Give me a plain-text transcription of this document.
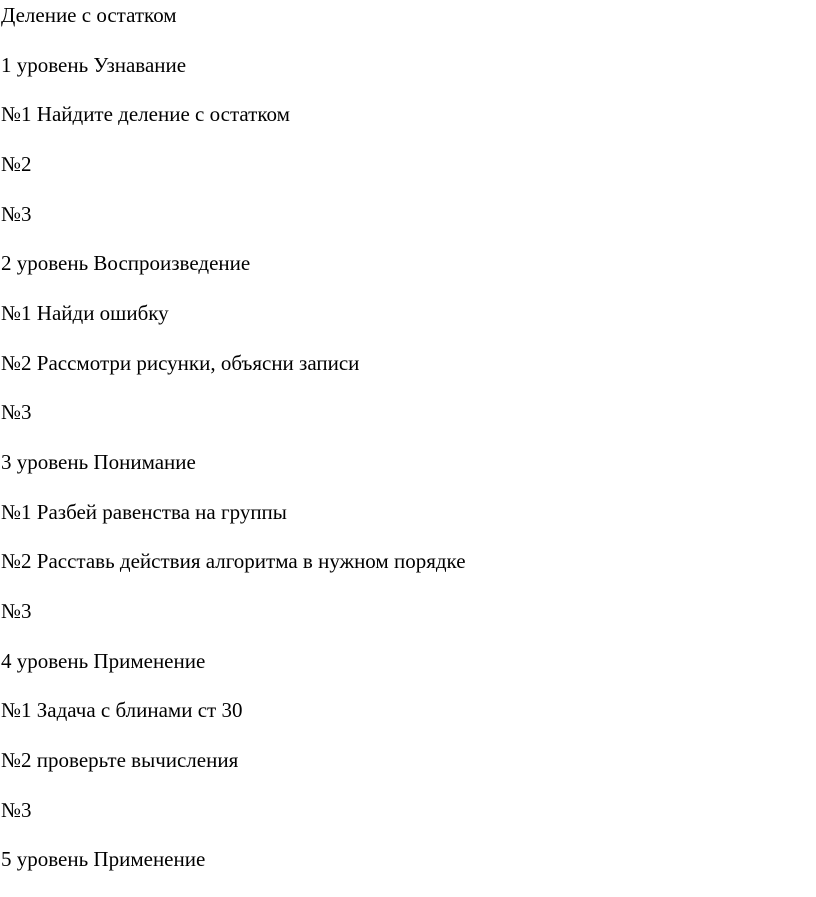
Деление с остатком

1 уровень Узнавание

№1 Найдите деление с остатком

№2

№3

2 уровень Воспроизведение

№1 Найди ошибку

№2 Рассмотри рисунки, объясни записи

№3

3 уровень Понимание

№1 Разбей равенства на группы

№2 Расставь действия алгоритма в нужном порядке

№3

4 уровень Применение

№1 Задача с блинами ст 30

№2 проверьте вычисления

№3

5 уровень Применение
